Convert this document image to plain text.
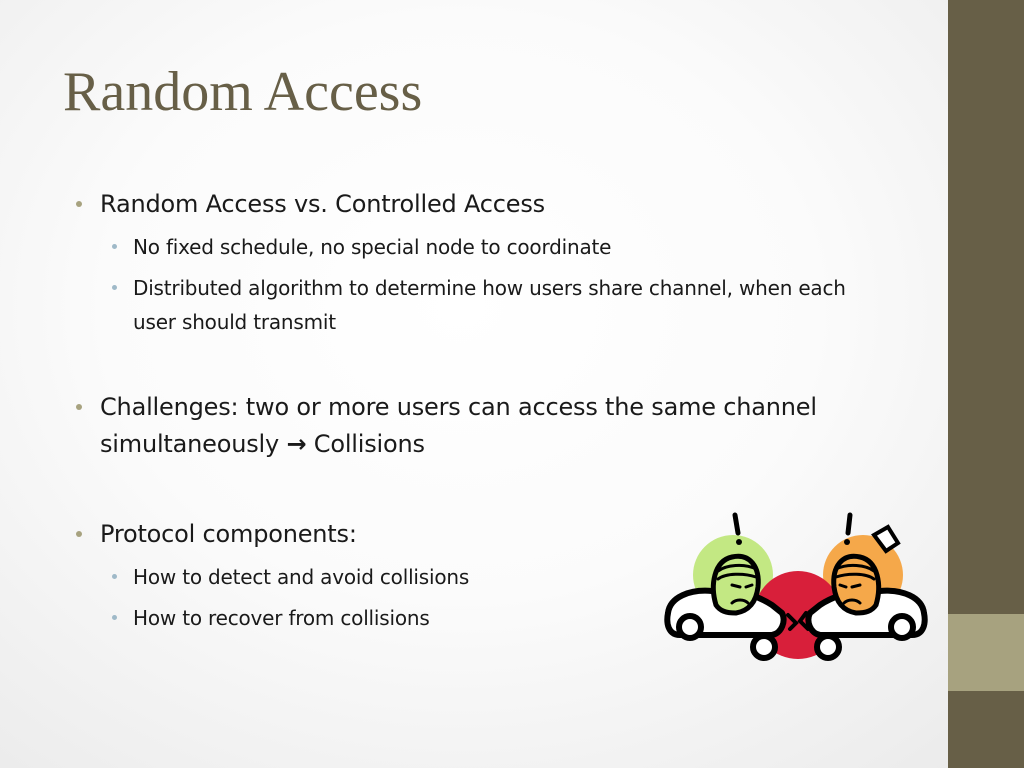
Random Access
Random Access vs. Controlled Access
No fixed schedule, no special node to coordinate
Distributed algorithm to determine how users share channel, when each user should transmit
Challenges: two or more users can access the same channel simultaneously → Collisions
Protocol components:
How to detect and avoid collisions
How to recover from collisions
